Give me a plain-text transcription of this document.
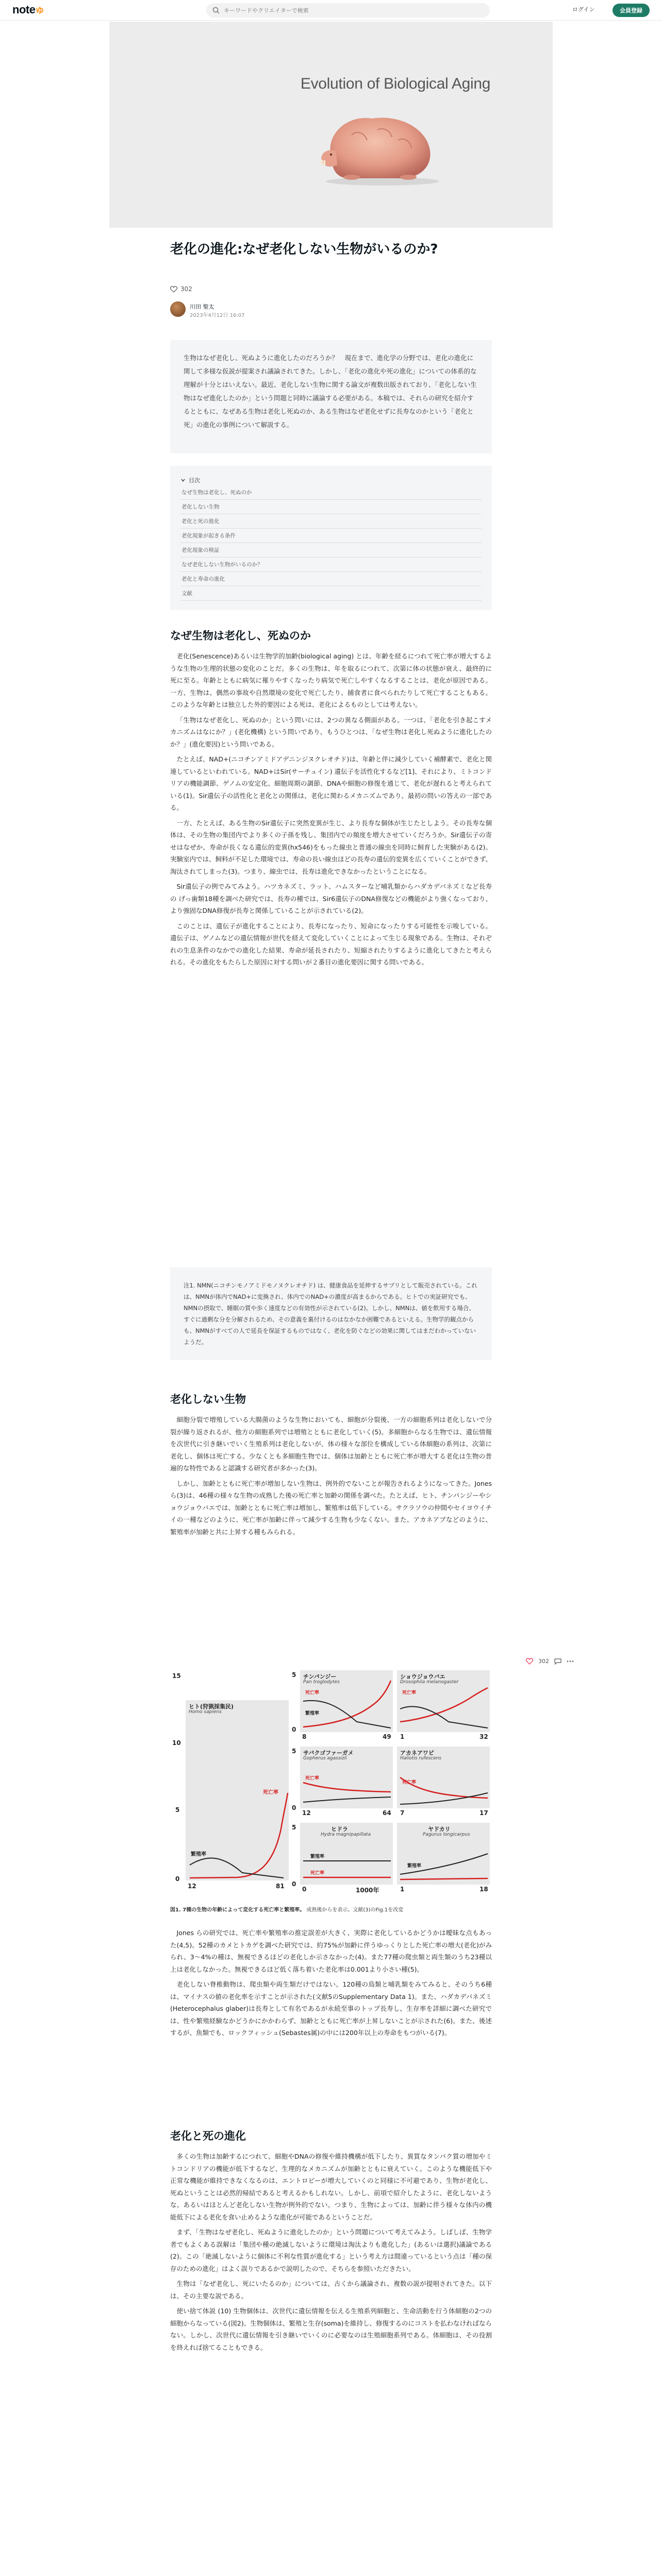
note ゆ
キーワードやクリエイターで検索	ログイン	会員登録
Evolution of Biological Aging
老化の進化:なぜ老化しない生物がいるのか?
302
川田 聖太
2023年4月12日 16:07
生物はなぜ老化し、死ぬように進化したのだろうか？　現在まで、進化学の分野では、老化の進化に関して多様な仮説が提案され議論されてきた。しかし、「老化の進化や死の進化」についての体系的な理解が十分とはいえない。最近、老化しない生物に関する論文が複数出版されており、「老化しない生物はなぜ進化したのか」という問題と同時に議論する必要がある。本稿では、それらの研究を紹介するとともに、なぜある生物は老化し死ぬのか、ある生物はなぜ老化せずに長寿なのかという「老化と死」の進化の事例について解説する。
目次
なぜ生物は老化し、死ぬのか
老化しない生物
老化と死の進化
老化現象が起きる条件
老化現象の検証
なぜ老化しない生物がいるのか？
老化と寿命の進化
文献
なぜ生物は老化し、死ぬのか

老化(Senescence)あるいは生物学的加齢(biological aging) とは、年齢を経るにつれて死亡率が増大するような生物の生理的状態の変化のことだ。多くの生物は、年を取るにつれて、次第に体の状態が衰え、最終的に死に至る。年齢とともに病気に罹りやすくなったり病気で死亡しやすくなるすることは、老化が原因である。一方、生物は、偶然の事故や自然環境の変化で死亡したり、捕食者に食べられたりして死亡することもある。このような年齢とは独立した外的要因による死は、老化によるものとしては考えない。

「生物はなぜ老化し、死ぬのか」という問いには、2つの異なる側面がある。一つは、「老化を引き起こすメカニズムはなにか？」(老化機構) という問いであり、もうひとつは、「なぜ生物は老化し死ぬように進化したのか？」(進化要因)という問いである。

たとえば、NAD+(ニコチンアミドアデニンジヌクレオチド)は、年齢と伴に減少していく補酵素で、老化と関連しているといわれている。NAD+はSir(サーチュイン) 遺伝子を活性化するなど[1]、それにより、ミトコンドリアの機能調節、ゲノムの安定化、細胞周期の調節、DNAや細胞の修復を通じて、老化が遅れると考えられている(1)。Sir遺伝子の活性化と老化との関係は、老化に関わるメカニズムであり、最初の問いの答えの一部である。

一方、たとえば、ある生物のSir遺伝子に突然変異が生じ、より長寿な個体が生じたとしよう。その長寿な個体は、その生物の集団内でより多くの子孫を残し、集団内での頻度を増大させていくだろうか。Sir遺伝子の寄せはなぜか、寿命が長くなる遺伝的変異(hx546)をもった線虫と普通の線虫を同時に飼育した実験がある(2)。実験室内では、飼料が不足した環境では、寿命の長い線虫ほどの長寿の遺伝的変異を広くていくことができず、淘汰されてしまった(3)。つまり、線虫では、長寿は進化できなかったということになる。

Sir遺伝子の例でみてみよう。ハツカネズミ、ラット、ハムスターなど哺乳類からハダカデバネズミなど長寿の げっ歯類18種を調べた研究では、長寿の種では、Sir6遺伝子のDNA修復などの機能がより強くなっており、より強固なDNA修復が長寿と関係していることが示されている(2)。

このことは、遺伝子が進化することにより、長寿になったり、短命になったりする可能性を示唆している。遺伝子は、ゲノムなどの遺伝情報が世代を経えて変化していくことによって生じる現象である。生物は、それぞれの生息条件のなかでの進化した結果、寿命が延長されたり、短縮されたりするように進化してきたと考えられる。その進化をもたらした原因に対する問いが２番目の進化要因に関する問いである。

注1. NMN(ニコチンモノアミドモノヌクレオチド) は、健康食品を延伸するサプリとして販売されている。これは、NMNが体内でNAD+に変換され、体内でのNAD+の濃度が高まるからである。ヒトでの実証研究でも、NMNの摂取で、睡眠の質や歩く速度などの有効性が示されている(2)。しかし、NMNは、値を飲用する場合、すぐに過剰な分を分解されるため、その意義を裏付けるのはなかなか困難であるといえる。生物学的観点からも、NMNがすべての人で延長を保証するものではなく、老化を防ぐなどの効果に関してはまだわかっていないようだ。
老化しない生物

細胞分裂で増殖している大腸菌のような生物においても、細胞が分裂後、一方の細胞系列は老化しないで分裂が繰り返されるが、他方の細胞系列では増殖とともに老化していく(5)。多細胞からなる生物では、遺伝情報を次世代に引き継いでいく生殖系列は老化しないが、体の様々な部位を構成している体細胞の系列は、次第に老化し、個体は死亡する。少なくとも多細胞生物では、個体は加齢とともに死亡率が増大する老化は生物の普遍的な特性であると認識する研究者が多かった(3)。

しかし、加齢とともに死亡率が増加しない生物は、例外的でないことが報告されるようになってきた。Jones ら(3)は、46種の様々な生物の成熟した後の死亡率と加齢の関係を調べた。たとえば、ヒト、チンパンジーやショウジョウバエでは、加齢とともに死亡率は増加し、繁殖率は低下している。サクラソウの仲間やセイヨウイチイの一種などのように、死亡率が加齢に伴って減少する生物も少なくない。また、アカネアブなどのように、繁殖率が加齢と共に上昇する種もみられる。

302
15
10
5
0
ヒト(狩猟採集民)
Homo sapiens
死亡率
繁殖率
12	81
5
0
5
0
5
0
チンパンジー
Pan troglodytes
死亡率
繁殖率
8	49
ショウジョウバエ
Drosophila melanogaster
死亡率
1	32
サバクゴファーガメ
Gopherus agassizii
死亡率
12	64
アカネアワビ
Haliotis rufescens
死亡率
7	17
ヒドラ
Hydra magnipapillata
繁殖率
死亡率
0	1000年	1
ヤドカリ
Pagurus longicarpus
繁殖率
18
図1. 7種の生物の年齢によって変化する死亡率と繁殖率。 成熟後からを表示。文献(3)のFig.1を改変

Jones らの研究では、死亡率や繁殖率の推定誤差が大きく、実際に老化しているかどうかは曖昧な点もあった(4,5)。52種のカメとトカゲを調べた研究では、約75%が加齢に伴うゆっくりとした死亡率の増大(老化)がみられ、3〜4%の種は、無視できるほどの老化しか示さなかった(4)。また77種の爬虫類と両生類のうち23種以上は老化しなかった。無視できるほど低く落ち着いた老化率は0.001より小さい種(5)。

老化しない脊椎動物は、爬虫類や両生類だけではない。120種の鳥類と哺乳類をみてみると、そのうち6種は、マイナスの値の老化率を示すことが示された(文献5のSupplementary Data 1)。また、ハダカデバネズミ(Heterocephalus glaber)は長寿として有名であるが永続至事のトップ長寿し、生存率を詳細に調べた研究では、性や繁殖経験なかどうかにかかわらず、加齢とともに死亡率が上昇しないことが示された(6)。また、後述するが、魚類でも、ロックフィッシュ(Sebastes属)の中には200年以上の寿命をもつがいる(7)。

老化と死の進化

多くの生物は加齢するにつれて、細胞やDNAの修復や維持機構が低下したり、異質なタンパク質の増加やミトコンドリアの機能が低下するなど、生理的なメカニズムが加齢とともに衰えていく。このような機能低下や正常な機能が維持できなくなるのは、エントロピーが増大していくのと同様に不可避であり、生物が老化し、死ぬということは必然的帰結であると考えるかもしれない。しかし、前項で紹介したように、老化しないような、あるいはほとんど老化しない生物が例外的でない。つまり、生物によっては、加齢に伴う様々な体内の機能低下による老化を食い止めるような進化が可能であるということだ。

まず、「生物はなぜ老化し、死ぬように進化したのか」という問題について考えてみよう。しばしば、生物学者でもよくある誤解は「集団や種の絶滅しないように環境は淘汰よりも進化した」(あるいは選択)議論である(2)。この「絶滅しないように個体に不利な性質が進化する」という考え方は間違っているという点は「種の保存のための進化」はよく誤りであるかで説明したので、そちらを参照いただきたい。

生物は「なぜ老化し、死にいたるのか」については、古くから議論され、複数の説が提唱されてきた。以下は、その主要な説である。

使い捨て体説 (10) 生物個体は、次世代に遺伝情報を伝える生殖系列細胞と、生命活動を行う体細胞の2つの細胞からなっている(図2)。生物個体は、繁殖と生存(soma)を維持し、修復するのにコストを払わなければならない。しかし、次世代に遺伝情報を引き継いでいくのに必要なのは生殖細胞系列である。体細胞は、その役割を終えれば捨てることもできる。
